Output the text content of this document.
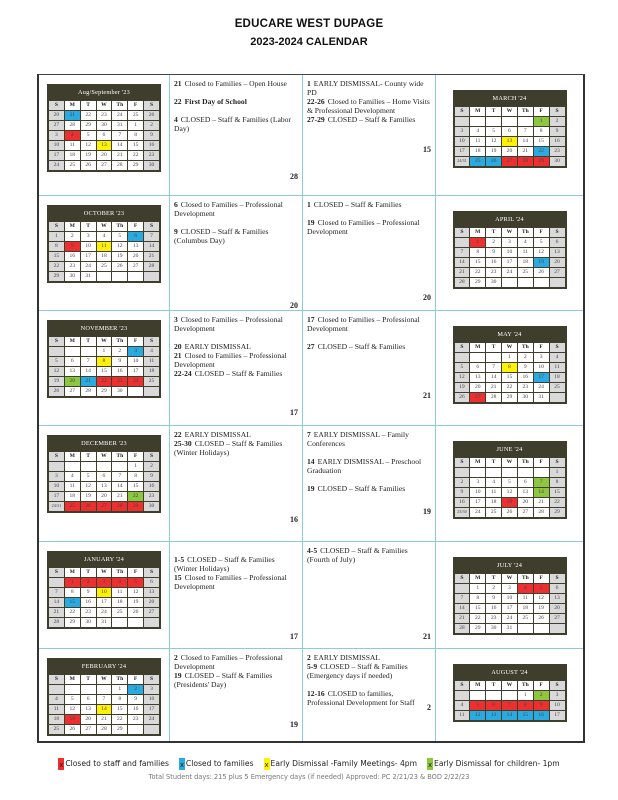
EDUCARE WEST DUPAGE
2023-2024 CALENDAR
Aug/September '23						
S	M	T	W	Th	F	S
20	21	22	23	24	25	26
27	28	29	30	31	1	2
3	4	5	6	7	8	9
10	11	12	13	14	15	16
17	18	19	20	21	22	23
24	25	26	27	28	29	30
21 Closed to Families – Open House
22 First Day of School
4 CLOSED – Staff & Families (Labor Day)
28
1 EARLY DISMISSAL- County wide PD
22-26 Closed to Families – Home Visits & Professional Development
27-29 CLOSED – Staff & Families
15
MARCH '24						
S	M	T	W	Th	F	S
					1	2
3	4	5	6	7	8	9
10	11	12	13	14	15	16
17	18	19	20	21	22	23
24/31	25	26	27	28	29	30
OCTOBER '23						
S	M	T	W	Th	F	S
1	2	3	4	5	6	7
8	9	10	11	12	13	14
15	16	17	18	19	20	21
22	23	24	25	26	27	28
29	30	31				
6 Closed to Families – Professional Development
9 CLOSED – Staff & Families (Columbus Day)
20
1 CLOSED – Staff & Families
19 Closed to Families – Professional Development
20
APRIL '24						
S	M	T	W	Th	F	S
	1	2	3	4	5	6
7	8	9	10	11	12	13
14	15	16	17	18	19	20
21	22	23	24	25	26	27
28	29	30				
NOVEMBER '23						
S	M	T	W	Th	F	S
			1	2	3	4
5	6	7	8	9	10	11
12	13	14	15	16	17	18
19	20	21	22	23	24	25
26	27	28	29	30		
3 Closed to Families – Professional Development
20 EARLY DISMISSAL
21 Closed to Families – Professional Development
22-24 CLOSED – Staff & Families
17
17 Closed to Families – Professional Development
27 CLOSED – Staff & Families
21
MAY '24						
S	M	T	W	Th	F	S
			1	2	3	4
5	6	7	8	9	10	11
12	13	14	15	16	17	18
19	20	21	22	23	24	25
26	27	28	29	30	31	
DECEMBER '23						
S	M	T	W	Th	F	S
					1	2
3	4	5	6	7	8	9
10	11	12	13	14	15	16
17	18	19	20	21	22	23
24/31	25	26	27	28	29	30
22 EARLY DISMISSAL
25-30 CLOSED – Staff & Families (Winter Holidays)
16
7 EARLY DISMISSAL – Family Conferences
14 EARLY DISMISSAL – Preschool Graduation
19 CLOSED – Staff & Families
19
JUNE '24						
S	M	T	W	Th	F	S
						1
2	3	4	5	6	7	8
9	10	11	12	13	14	15
16	17	18	19	20	21	22
23/30	24	25	26	27	28	29
JANUARY '24						
S	M	T	W	Th	F	S
	1	2	3	4	5	6
7	8	9	10	11	12	13
14	15	16	17	18	19	20
21	22	23	24	25	26	27
28	29	30	31			
1-5 CLOSED – Staff & Families (Winter Holidays)
15 Closed to Families – Professional Development
17
4-5 CLOSED – Staff & Families (Fourth of July)
21
JULY '24						
S	M	T	W	Th	F	S
	1	2	3	4	5	6
7	8	9	10	11	12	13
14	15	16	17	18	19	20
21	22	23	24	25	26	27
28	29	30	31			
FEBRUARY '24						
S	M	T	W	Th	F	S
				1	2	3
4	5	6	7	8	9	10
11	12	13	14	15	16	17
18	19	20	21	22	23	24
25	26	27	28	29		
2 Closed to Families – Professional Development
19 CLOSED – Staff & Families (Presidents' Day)
19
2 EARLY DISMISSAL
5-9 CLOSED – Staff & Families
(Emergency days if needed)
12-16 CLOSED to families, Professional Development for Staff
2
AUGUST '24						
S	M	T	W	Th	F	S
				1	2	3
4	5	6	7	8	9	10
11	12	13	14	15	16	17
x Closed to staff and families x Closed to families x Early Dismissal -Family Meetings- 4pm x Early Dismissal for children- 1pm
Total Student days: 215 plus 5 Emergency days (if needed) Approved: PC 2/21/23 & BOD 2/22/23
